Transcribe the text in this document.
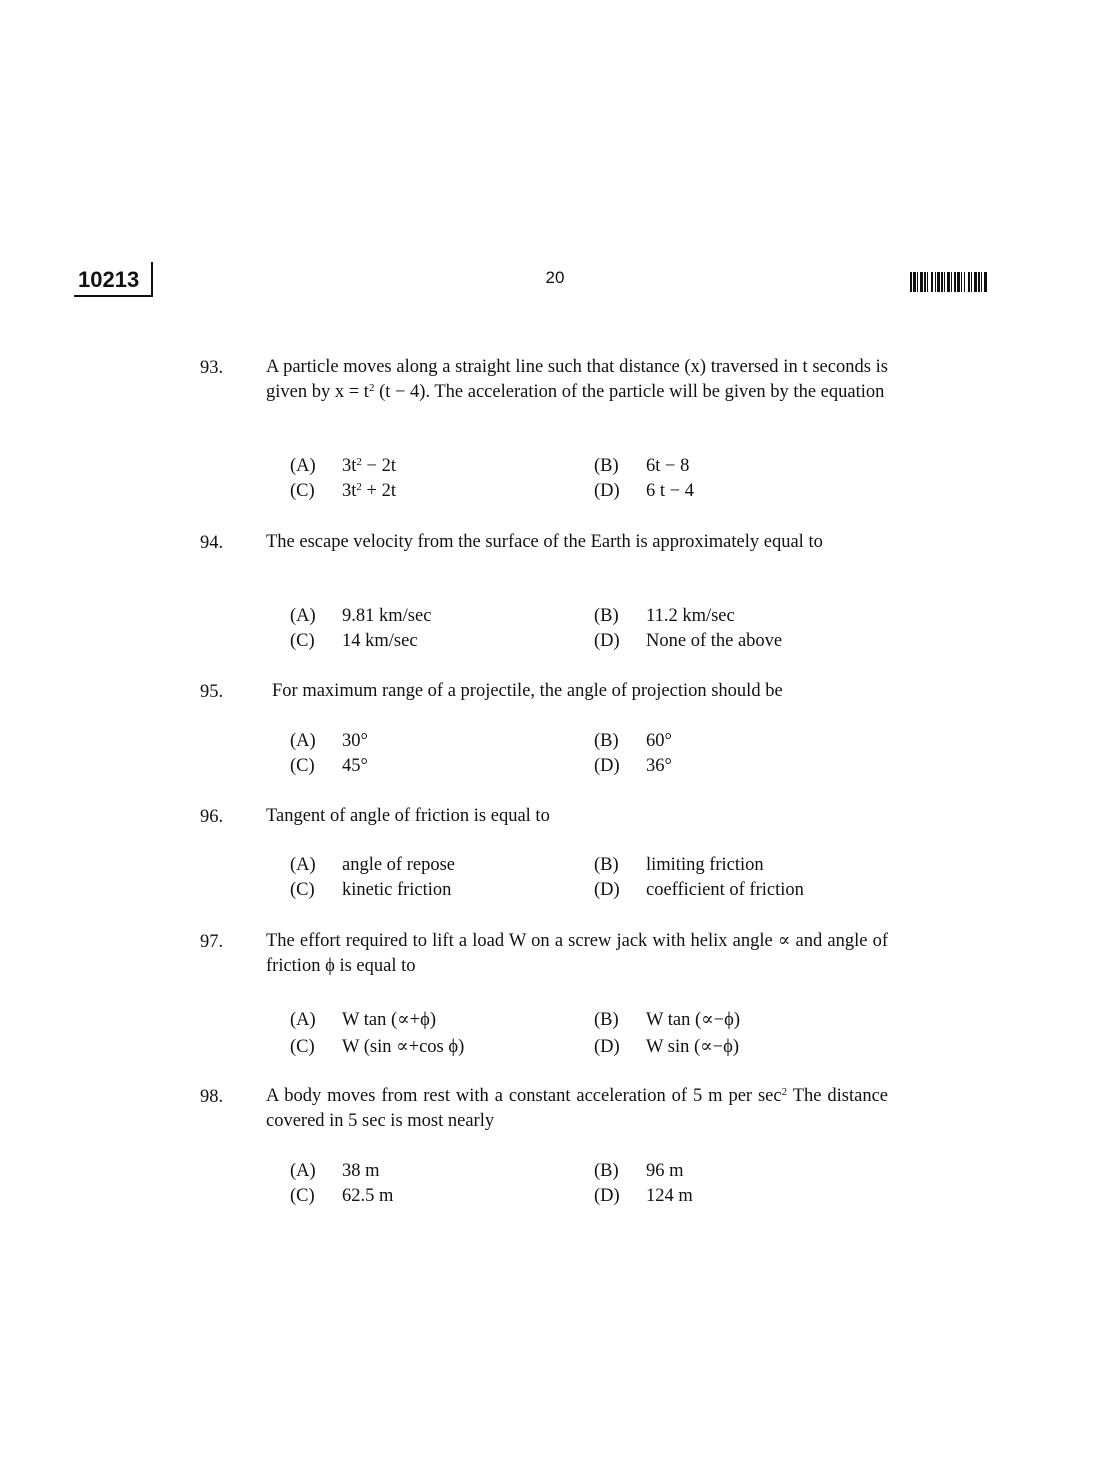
10213	20
93. A particle moves along a straight line such that distance (x) traversed in t seconds is given by $x = t^2$ (t − 4). The acceleration of the particle will be given by the equation
(A) $3t^2 - 2t$	(B) 6t − 8
(C) $3t^2 + 2t$	(D) 6 t − 4
94. The escape velocity from the surface of the Earth is approximately equal to
(A) 9.81 km/sec	(B) 11.2 km/sec
(C) 14 km/sec	(D) None of the above
95.	For maximum range of a projectile, the angle of projection should be
(A) 30°	(B) 60°
(C) 45°	(D) 36°
96. Tangent of angle of friction is equal to
(A) angle of repose	(B) limiting friction
(C) kinetic friction	(D) coefficient of friction
97. The effort required to lift a load W on a screw jack with helix angle ∝ and angle of friction ϕ is equal to
(A) W tan (∝+ϕ)	(B) W tan (∝−ϕ)
(C) W (sin ∝+cos ϕ)	(D) W sin (∝−ϕ)
98. A body moves from rest with a constant acceleration of 5 m per $\sec^2$ The distance covered in 5 sec is most nearly
(A) 38 m	(B) 96 m
(C) 62.5 m	(D) 124 m
